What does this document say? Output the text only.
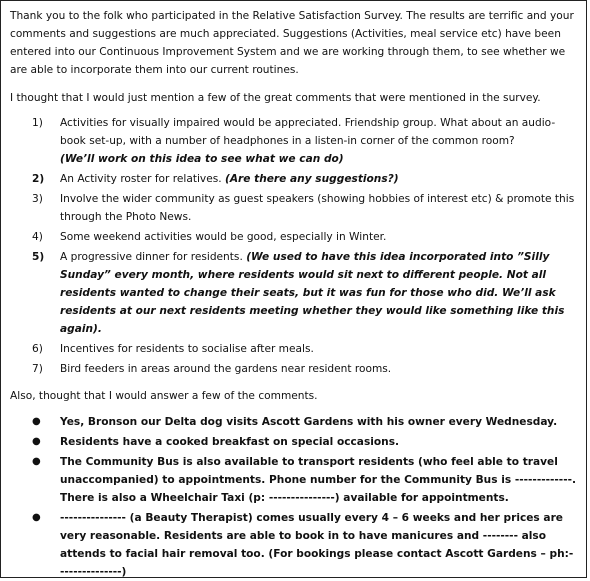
Thank you to the folk who participated in the Relative Satisfaction Survey. The results are terrific and your comments and suggestions are much appreciated. Suggestions (Activities, meal service etc) have been entered into our Continuous Improvement System and we are working through them, to see whether we are able to incorporate them into our current routines.

I thought that I would just mention a few of the great comments that were mentioned in the survey.

1)	Activities for visually impaired would be appreciated. Friendship group. What about an audio-book set-up, with a number of headphones in a listen-in corner of the common room?
(We’ll work on this idea to see what we can do)
2)	An Activity roster for relatives. (Are there any suggestions?)
3)	Involve the wider community as guest speakers (showing hobbies of interest etc) & promote this through the Photo News.
4)	Some weekend activities would be good, especially in Winter.
5)	A progressive dinner for residents. (We used to have this idea incorporated into ”Silly Sunday” every month, where residents would sit next to different people. Not all residents wanted to change their seats, but it was fun for those who did. We’ll ask residents at our next residents meeting whether they would like something like this again).
6)	Incentives for residents to socialise after meals.
7)	Bird feeders in areas around the gardens near resident rooms.

Also, thought that I would answer a few of the comments.

●	Yes, Bronson our Delta dog visits Ascott Gardens with his owner every Wednesday.
●	Residents have a cooked breakfast on special occasions.
●	The Community Bus is also available to transport residents (who feel able to travel unaccompanied) to appointments. Phone number for the Community Bus is -------------. There is also a Wheelchair Taxi (p: ---------------) available for appointments.
●	--------------- (a Beauty Therapist) comes usually every 4 – 6 weeks and her prices are very reasonable. Residents are able to book in to have manicures and -------- also attends to facial hair removal too. (For bookings please contact Ascott Gardens – ph:---------------)
